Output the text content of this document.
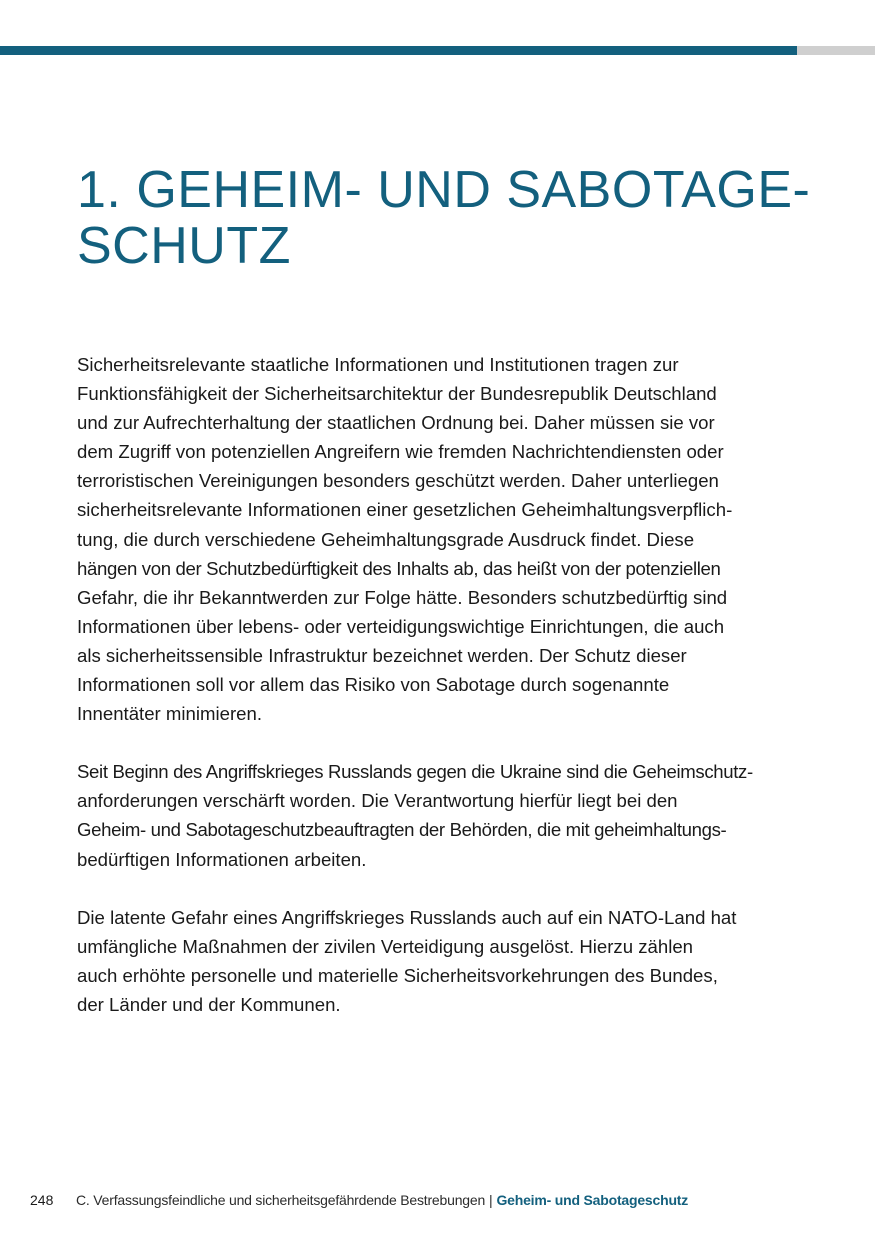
1. GEHEIM- UND SABOTAGE-
SCHUTZ

Sicherheitsrelevante staatliche Informationen und Institutionen tragen zur
Funktionsfähigkeit der Sicherheitsarchitektur der Bundesrepublik Deutschland
und zur Aufrechterhaltung der staatlichen Ordnung bei. Daher müssen sie vor
dem Zugriff von potenziellen Angreifern wie fremden Nachrichtendiensten oder
terroristischen Vereinigungen besonders geschützt werden. Daher unterliegen
sicherheitsrelevante Informationen einer gesetzlichen Geheimhaltungsverpflich-
tung, die durch verschiedene Geheimhaltungsgrade Ausdruck findet. Diese
hängen von der Schutzbedürftigkeit des Inhalts ab, das heißt von der potenziellen
Gefahr, die ihr Bekanntwerden zur Folge hätte. Besonders schutzbedürftig sind
Informationen über lebens- oder verteidigungswichtige Einrichtungen, die auch
als sicherheitssensible Infrastruktur bezeichnet werden. Der Schutz dieser
Informationen soll vor allem das Risiko von Sabotage durch sogenannte
Innentäter minimieren.

Seit Beginn des Angriffskrieges Russlands gegen die Ukraine sind die Geheimschutz-
anforderungen verschärft worden. Die Verantwortung hierfür liegt bei den
Geheim- und Sabotageschutzbeauftragten der Behörden, die mit geheimhaltungs-
bedürftigen Informationen arbeiten.

Die latente Gefahr eines Angriffskrieges Russlands auch auf ein NATO-Land hat
umfängliche Maßnahmen der zivilen Verteidigung ausgelöst. Hierzu zählen
auch erhöhte personelle und materielle Sicherheitsvorkehrungen des Bundes,
der Länder und der Kommunen.

248 C. Verfassungsfeindliche und sicherheitsgefährdende Bestrebungen | Geheim- und Sabotageschutz
